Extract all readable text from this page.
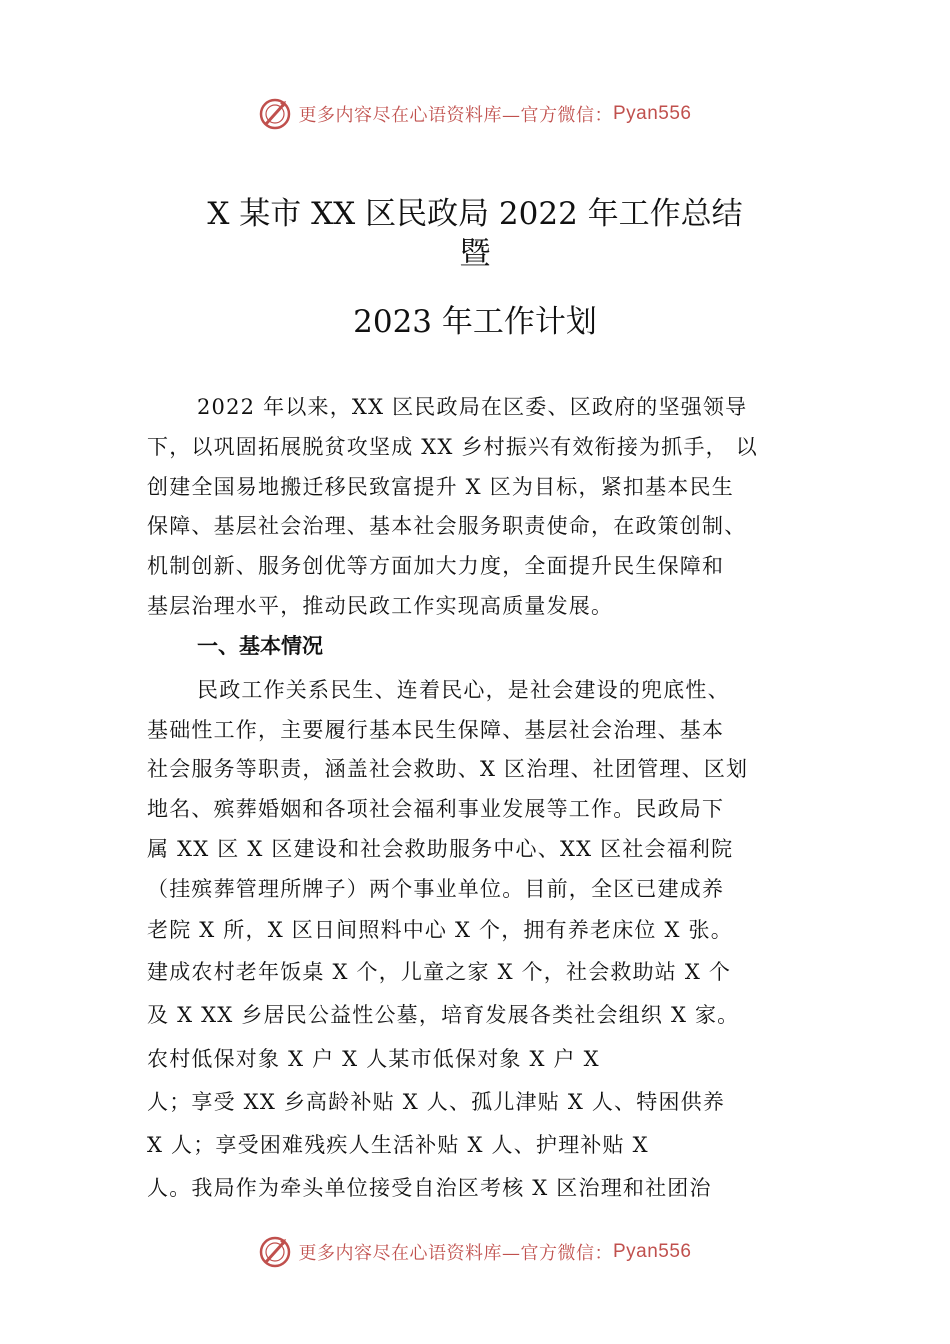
更多内容尽在心语资料库—官方微信： Pyan556
X 某市 XX 区民政局 2022 年工作总结
暨
2023 年工作计划
2022 年以来，XX 区民政局在区委、区政府的坚强领导
下，以巩固拓展脱贫攻坚成 XX 乡村振兴有效衔接为抓手， 以
创建全国易地搬迁移民致富提升 X 区为目标，紧扣基本民生
保障、基层社会治理、基本社会服务职责使命，在政策创制、
机制创新、服务创优等方面加大力度，全面提升民生保障和
基层治理水平，推动民政工作实现高质量发展。
一、基本情况
民政工作关系民生、连着民心，是社会建设的兜底性、
基础性工作，主要履行基本民生保障、基层社会治理、基本
社会服务等职责，涵盖社会救助、X 区治理、社团管理、区划
地名、殡葬婚姻和各项社会福利事业发展等工作。民政局下
属 XX 区 X 区建设和社会救助服务中心、XX 区社会福利院
（挂殡葬管理所牌子）两个事业单位。目前，全区已建成养
老院 X 所，X 区日间照料中心 X 个，拥有养老床位 X 张。
建成农村老年饭桌 X 个，儿童之家 X 个，社会救助站 X 个
及 X XX 乡居民公益性公墓，培育发展各类社会组织 X 家。
农村低保对象 X 户 X 人某市低保对象 X 户 X
人；享受 XX 乡高龄补贴 X 人、孤儿津贴 X 人、特困供养
X 人；享受困难残疾人生活补贴 X 人、护理补贴 X
人。我局作为牵头单位接受自治区考核 X 区治理和社团治
更多内容尽在心语资料库—官方微信： Pyan556
